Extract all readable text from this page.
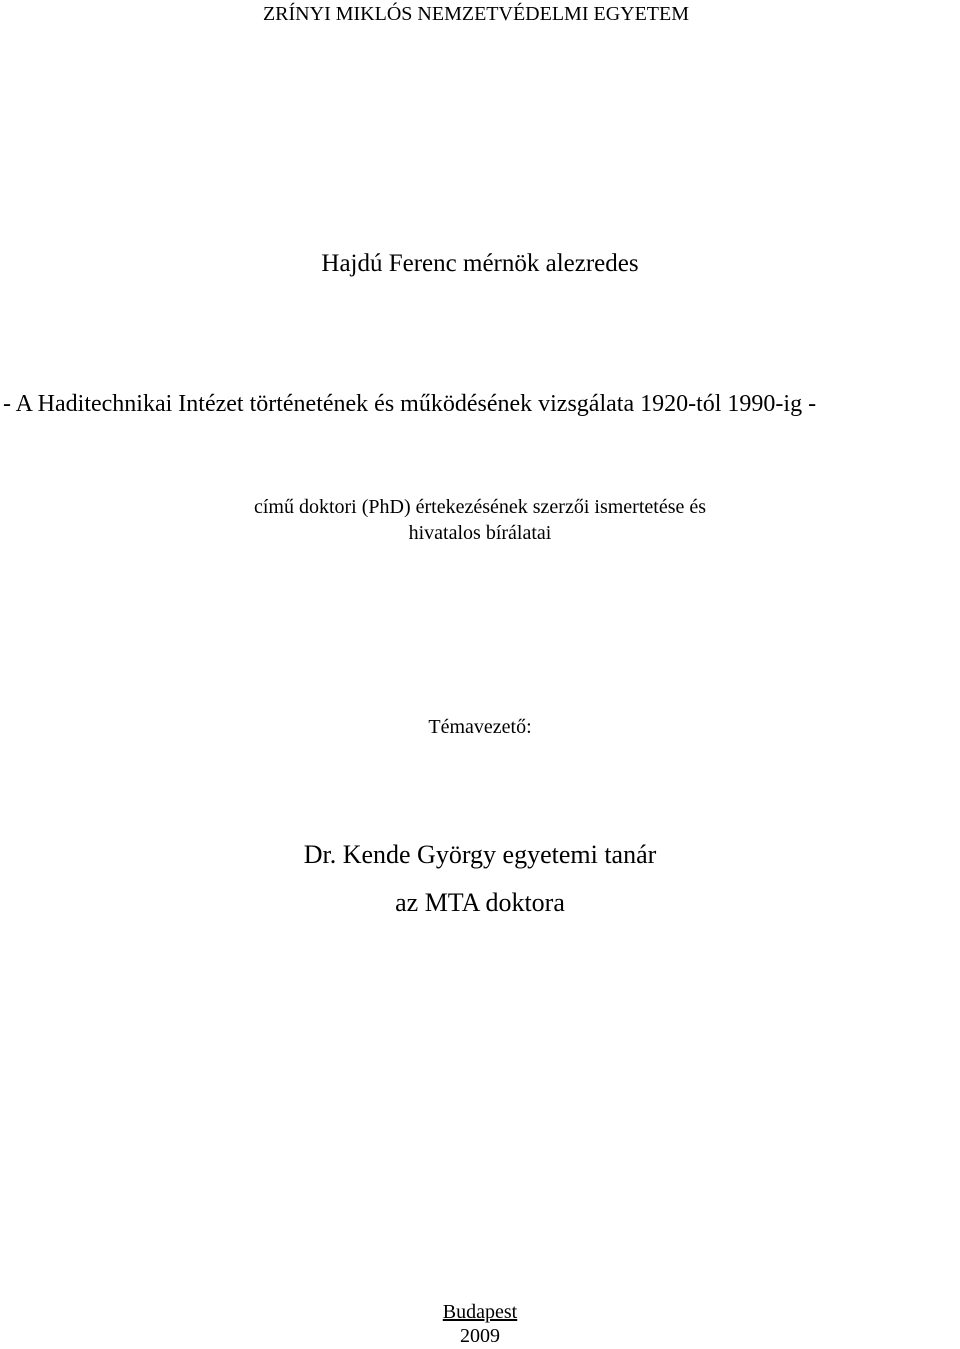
ZRÍNYI MIKLÓS NEMZETVÉDELMI EGYETEM
Hajdú Ferenc mérnök alezredes
- A Haditechnikai Intézet történetének és működésének vizsgálata 1920-tól 1990-ig -
című doktori (PhD) értekezésének szerzői ismertetése és
hivatalos bírálatai
Témavezető:
Dr. Kende György egyetemi tanár
az MTA doktora
Budapest
2009
